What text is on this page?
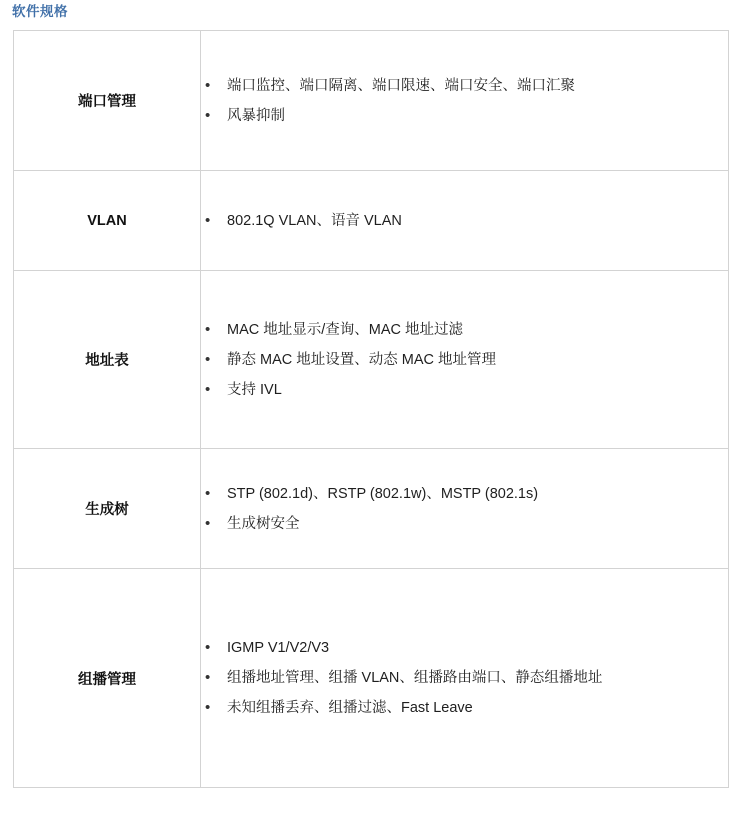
软件规格
端口管理	
• 端口监控、端口隔离、端口限速、端口安全、端口汇聚
• 风暴抑制

VLAN	• 802.1Q VLAN、语音 VLAN

地址表	
• MAC 地址显示/查询、MAC 地址过滤
• 静态 MAC 地址设置、动态 MAC 地址管理
• 支持 IVL

生成树	
• STP (802.1d)、RSTP (802.1w)、MSTP (802.1s)
• 生成树安全

组播管理	
• IGMP V1/V2/V3
• 组播地址管理、组播 VLAN、组播路由端口、静态组播地址
• 未知组播丢弃、组播过滤、Fast Leave
